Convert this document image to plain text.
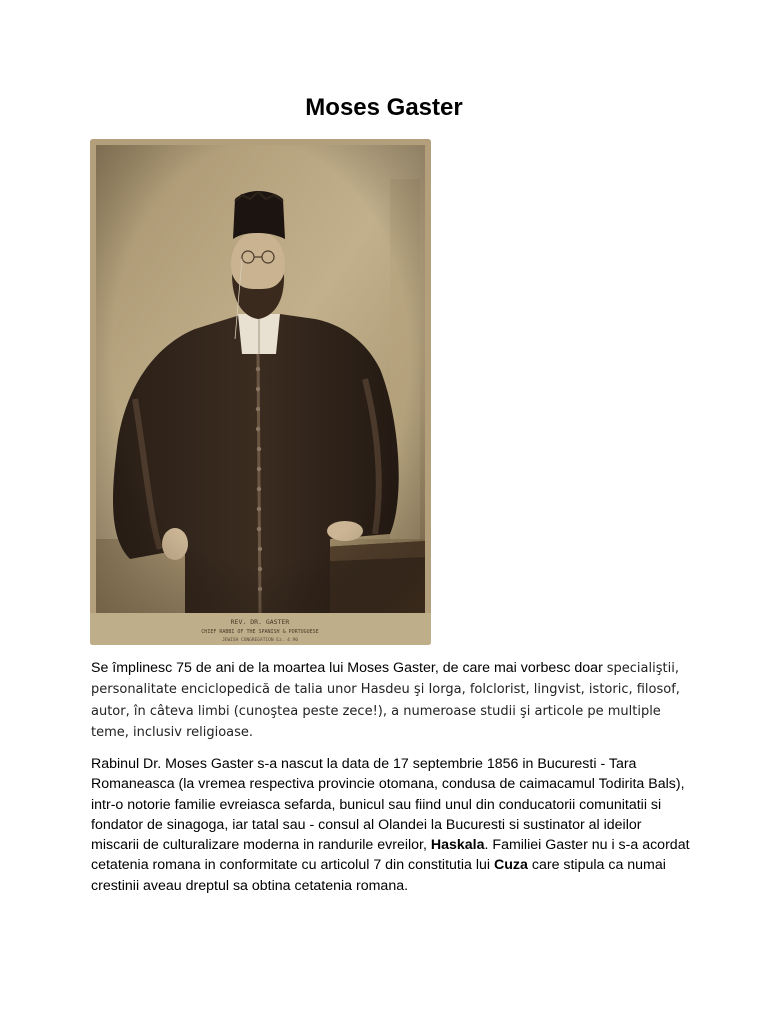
Moses Gaster
REV. DR. GASTER
CHIEF RABBI OF THE SPANISH & PORTUGUESE
JEWISH CONGREGATION Ez. 4.90

Se împlinesc 75 de ani de la moartea lui Moses Gaster, de care mai vorbesc doar specialiştii, personalitate enciclopedică de talia unor Hasdeu şi Iorga, folclorist, lingvist, istoric, filosof, autor, în câteva limbi (cunoştea peste zece!), a numeroase studii şi articole pe multiple teme, inclusiv religioase.

Rabinul Dr. Moses Gaster s-a nascut la data de 17 septembrie 1856 in Bucuresti - Tara Romaneasca (la vremea respectiva provincie otomana, condusa de caimacamul Todirita Bals), intr-o notorie familie evreiasca sefarda, bunicul sau fiind unul din conducatorii comunitatii si fondator de sinagoga, iar tatal sau - consul al Olandei la Bucuresti si sustinator al ideilor miscarii de culturalizare moderna in randurile evreilor, Haskala. Familiei Gaster nu i s-a acordat cetatenia romana in conformitate cu articolul 7 din constitutia lui Cuza care stipula ca numai crestinii aveau dreptul sa obtina cetatenia romana.
